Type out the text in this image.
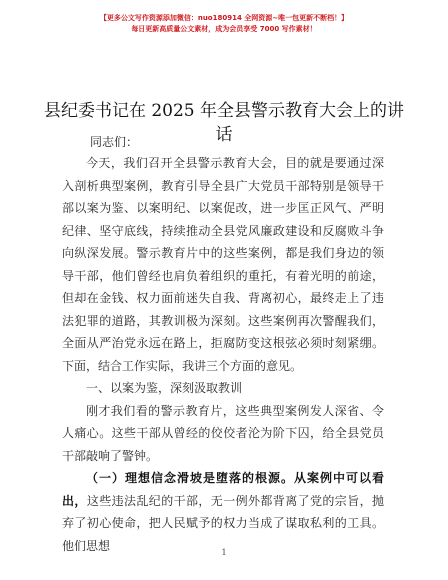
【更多公文写作资源添加微信：nuo180914 全网资源~唯一包更新不断档！】
每日更新高质量公文素材，成为会员享受 7000 写作素材！
县纪委书记在 2025 年全县警示教育大会上的讲话
同志们：

今天，我们召开全县警示教育大会，目的就是要通过深入剖析典型案例，教育引导全县广大党员干部特别是领导干部以案为鉴、以案明纪、以案促改，进一步匡正风气、严明纪律、坚守底线，持续推动全县党风廉政建设和反腐败斗争向纵深发展。警示教育片中的这些案例，都是我们身边的领导干部，他们曾经也肩负着组织的重托，有着光明的前途，但却在金钱、权力面前迷失自我、背离初心，最终走上了违法犯罪的道路，其教训极为深刻。这些案例再次警醒我们，全面从严治党永远在路上，拒腐防变这根弦必须时刻紧绷。下面，结合工作实际，我讲三个方面的意见。

一、以案为鉴，深刻汲取教训

刚才我们看的警示教育片，这些典型案例发人深省、令人痛心。这些干部从曾经的佼佼者沦为阶下囚，给全县党员干部敲响了警钟。

（一）理想信念滑坡是堕落的根源。从案例中可以看出，这些违法乱纪的干部，无一例外都背离了党的宗旨，抛弃了初心使命，把人民赋予的权力当成了谋取私利的工具。他们思想	1
